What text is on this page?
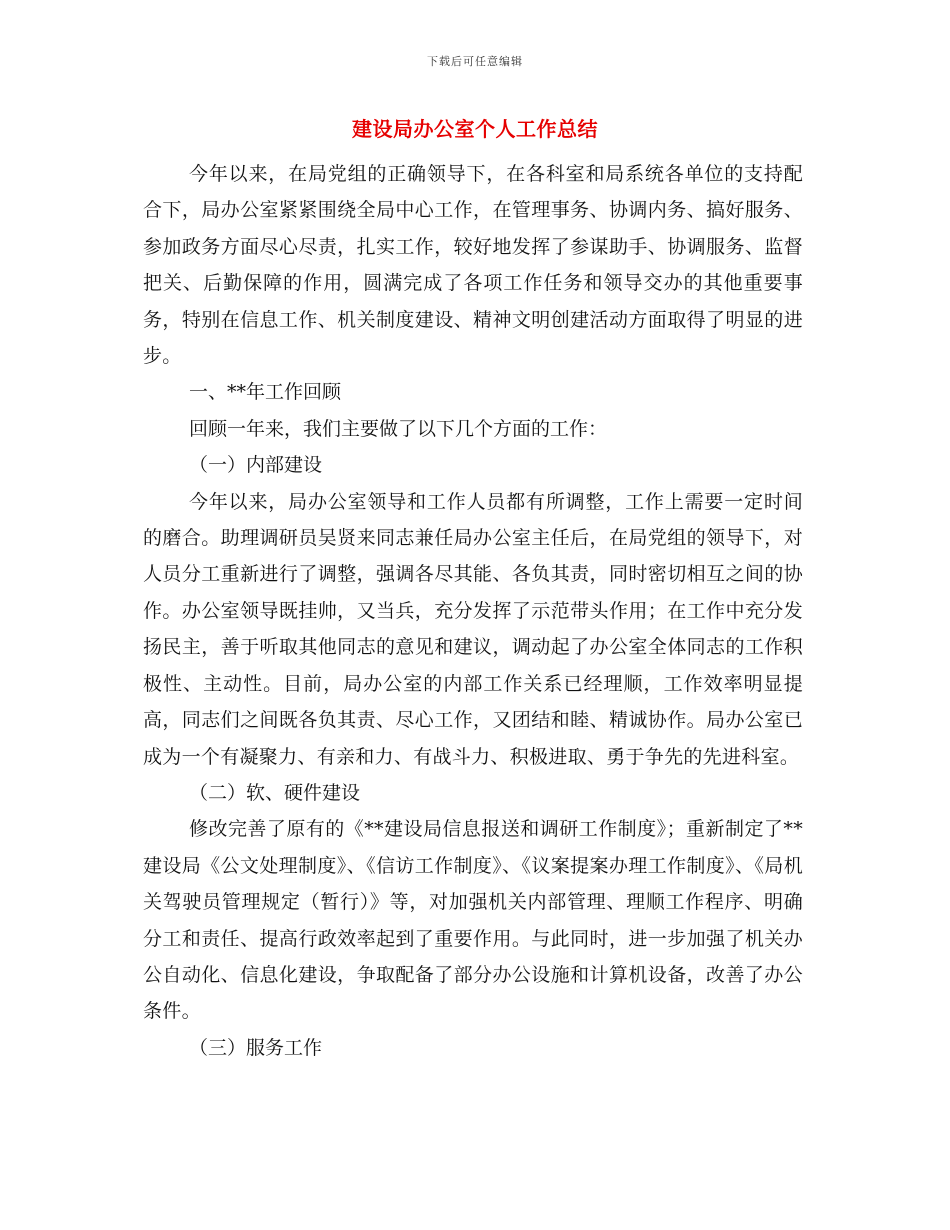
下载后可任意编辑
建设局办公室个人工作总结

今年以来，在局党组的正确领导下，在各科室和局系统各单位的支持配合下，局办公室紧紧围绕全局中心工作，在管理事务、协调内务、搞好服务、参加政务方面尽心尽责，扎实工作，较好地发挥了参谋助手、协调服务、监督把关、后勤保障的作用，圆满完成了各项工作任务和领导交办的其他重要事务，特别在信息工作、机关制度建设、精神文明创建活动方面取得了明显的进步。

一、**年工作回顾

回顾一年来，我们主要做了以下几个方面的工作：

（一）内部建设

今年以来，局办公室领导和工作人员都有所调整，工作上需要一定时间的磨合。助理调研员吴贤来同志兼任局办公室主任后，在局党组的领导下，对人员分工重新进行了调整，强调各尽其能、各负其责，同时密切相互之间的协作。办公室领导既挂帅，又当兵，充分发挥了示范带头作用；在工作中充分发扬民主，善于听取其他同志的意见和建议，调动起了办公室全体同志的工作积极性、主动性。目前，局办公室的内部工作关系已经理顺，工作效率明显提高，同志们之间既各负其责、尽心工作，又团结和睦、精诚协作。局办公室已成为一个有凝聚力、有亲和力、有战斗力、积极进取、勇于争先的先进科室。

（二）软、硬件建设

修改完善了原有的《**建设局信息报送和调研工作制度》；重新制定了**建设局《公文处理制度》、《信访工作制度》、《议案提案办理工作制度》、《局机关驾驶员管理规定（暂行）》等，对加强机关内部管理、理顺工作程序、明确分工和责任、提高行政效率起到了重要作用。与此同时，进一步加强了机关办公自动化、信息化建设，争取配备了部分办公设施和计算机设备，改善了办公条件。

（三）服务工作
